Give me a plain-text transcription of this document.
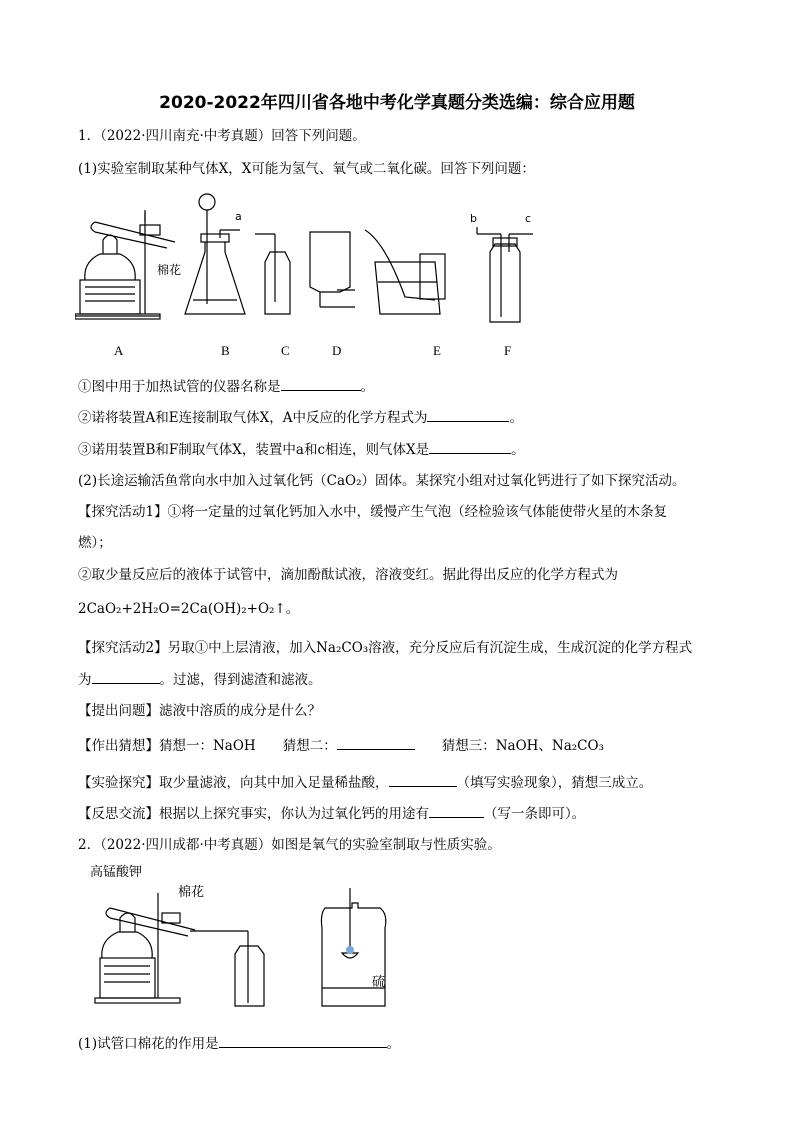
2020-2022年四川省各地中考化学真题分类选编：综合应用题
1．（2022·四川南充·中考真题）回答下列问题。
(1)实验室制取某种气体X，X可能为氢气、氧气或二氧化碳。回答下列问题：
棉花
a	b	c
A	B	C	D	E	F
①图中用于加热试管的仪器名称是	。
②诺将装置A和E连接制取气体X，A中反应的化学方程式为	。
③诺用装置B和F制取气体X，装置中a和c相连，则气体X是	。
(2)长途运输活鱼常向水中加入过氧化钙（CaO₂）固体。某探究小组对过氧化钙进行了如下探究活动。
【探究活动1】①将一定量的过氧化钙加入水中，缓慢产生气泡（经检验该气体能使带火星的木条复
燃）；
②取少量反应后的液体于试管中，滴加酚酞试液，溶液变红。据此得出反应的化学方程式为
2CaO₂+2H₂O=2Ca(OH)₂+O₂↑。
【探究活动2】另取①中上层清液，加入Na₂CO₃溶液，充分反应后有沉淀生成，生成沉淀的化学方程式
为	。过滤，得到滤渣和滤液。
【提出问题】滤液中溶质的成分是什么？
【作出猜想】猜想一：NaOH　　猜想二：	　　猜想三：NaOH、Na₂CO₃
【实验探究】取少量滤液，向其中加入足量稀盐酸，	（填写实验现象），猜想三成立。
【反思交流】根据以上探究事实，你认为过氧化钙的用途有	（写一条即可）。
2．（2022·四川成都·中考真题）如图是氧气的实验室制取与性质实验。
高锰酸钾
棉花
硫
(1)试管口棉花的作用是	。
